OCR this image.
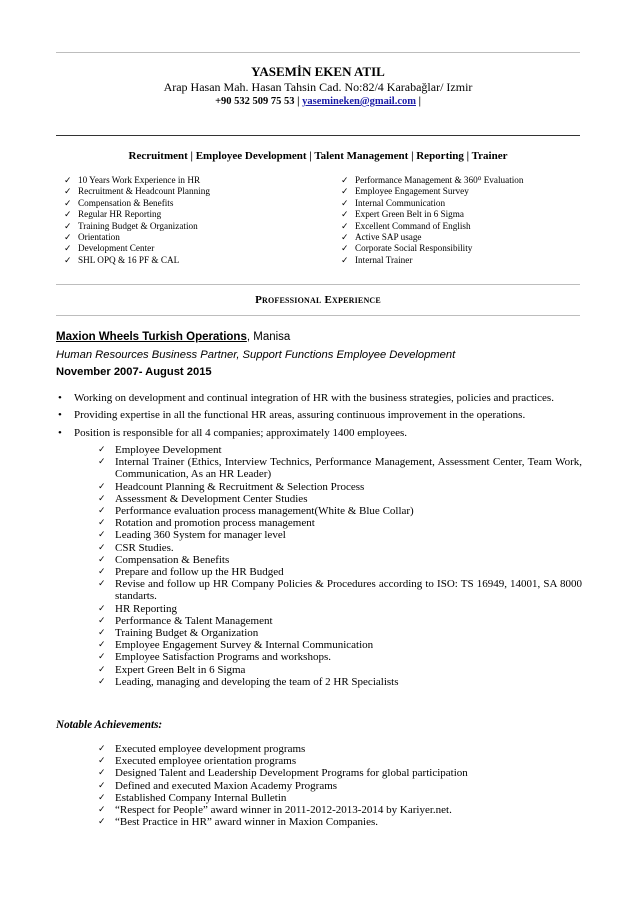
YASEMİN EKEN ATIL
Arap Hasan Mah. Hasan Tahsin Cad. No:82/4 Karabağlar/ Izmir
+90 532 509 75 53 | yasemineken@gmail.com |
Recruitment | Employee Development | Talent Management | Reporting | Trainer
✓ 10 Years Work Experience in HR
✓ Recruitment & Headcount Planning
✓ Compensation & Benefits
✓ Regular HR Reporting
✓ Training Budget & Organization
✓ Orientation
✓ Development Center
✓ SHL OPQ & 16 PF & CAL
✓ Performance Management & 360⁰ Evaluation
✓ Employee Engagement Survey
✓ Internal Communication
✓ Expert Green Belt in 6 Sigma
✓ Excellent Command of English
✓ Active SAP usage
✓ Corporate Social Responsibility
✓ Internal Trainer
Professional Experience
Maxion Wheels Turkish Operations, Manisa
Human Resources Business Partner, Support Functions Employee Development
November 2007- August 2015
• Working on development and continual integration of HR with the business strategies, policies and practices.
• Providing expertise in all the functional HR areas, assuring continuous improvement in the operations.
• Position is responsible for all 4 companies; approximately 1400 employees.
✓ Employee Development
✓ Internal Trainer (Ethics, Interview Technics, Performance Management, Assessment Center, Team Work, Communication, As an HR Leader)
✓ Headcount Planning & Recruitment & Selection Process
✓ Assessment & Development Center Studies
✓ Performance evaluation process management(White & Blue Collar)
✓ Rotation and promotion process management
✓ Leading 360 System for manager level
✓ CSR Studies.
✓ Compensation & Benefits
✓ Prepare and follow up the HR Budged
✓ Revise and follow up HR Company Policies & Procedures according to ISO: TS 16949, 14001, SA 8000 standarts.
✓ HR Reporting
✓ Performance & Talent Management
✓ Training Budget & Organization
✓ Employee Engagement Survey & Internal Communication
✓ Employee Satisfaction Programs and workshops.
✓ Expert Green Belt in 6 Sigma
✓ Leading, managing and developing the team of 2 HR Specialists
Notable Achievements:
✓ Executed employee development programs
✓ Executed employee orientation programs
✓ Designed Talent and Leadership Development Programs for global participation
✓ Defined and executed Maxion Academy Programs
✓ Established Company Internal Bulletin
✓ “Respect for People” award winner in 2011-2012-2013-2014 by Kariyer.net.
✓ “Best Practice in HR” award winner in Maxion Companies.
